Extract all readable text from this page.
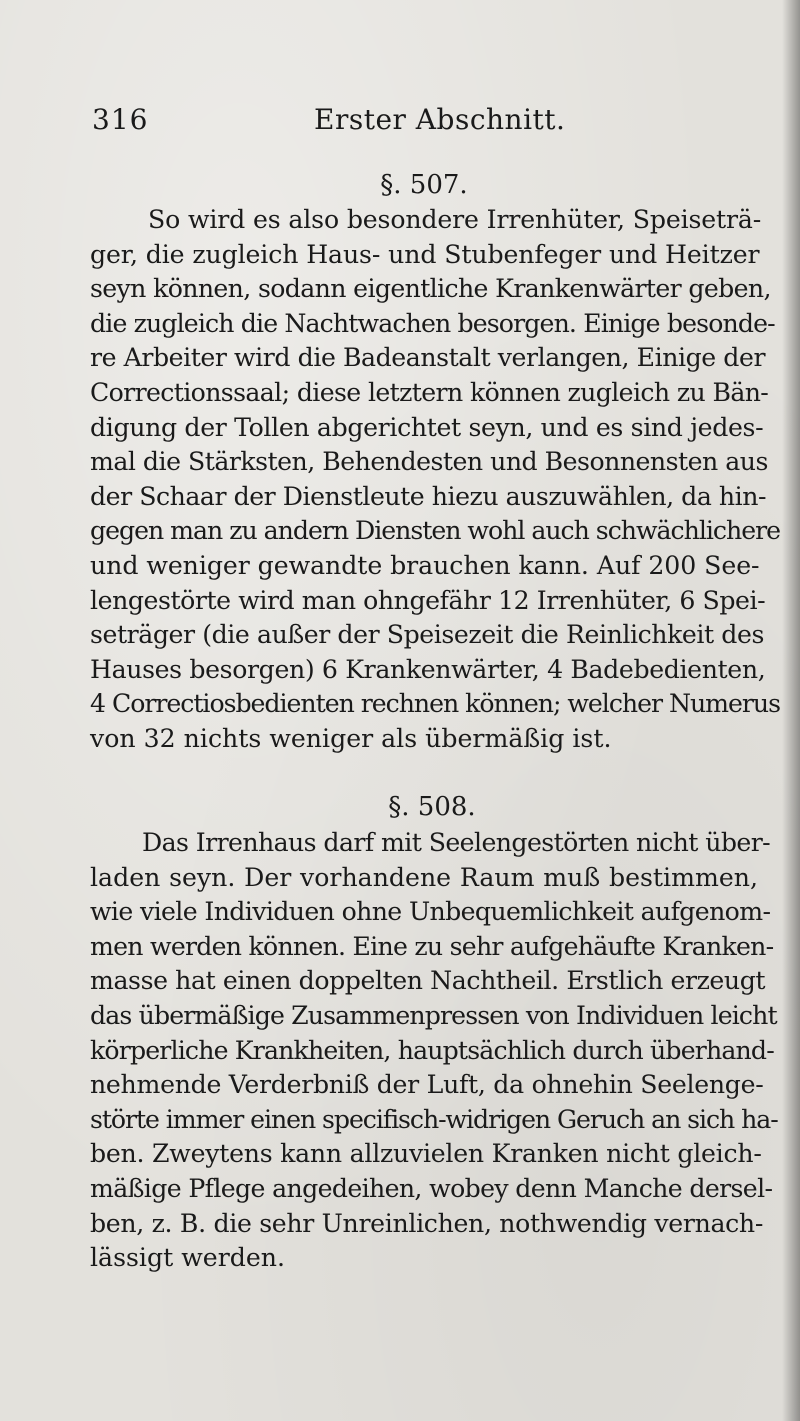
316	Erster Abschnitt.
§. 507.
So wird es also besondere Irrenhüter, Speiseträ-
ger, die zugleich Haus- und Stubenfeger und Heitzer
seyn können, sodann eigentliche Krankenwärter geben,
die zugleich die Nachtwachen besorgen. Einige besonde-
re Arbeiter wird die Badeanstalt verlangen, Einige der
Correctionssaal; diese letztern können zugleich zu Bän-
digung der Tollen abgerichtet seyn, und es sind jedes-
mal die Stärksten, Behendesten und Besonnensten aus
der Schaar der Dienstleute hiezu auszuwählen, da hin-
gegen man zu andern Diensten wohl auch schwächlichere
und weniger gewandte brauchen kann. Auf 200 See-
lengestörte wird man ohngefähr 12 Irrenhüter, 6 Spei-
seträger (die außer der Speisezeit die Reinlichkeit des
Hauses besorgen) 6 Krankenwärter, 4 Badebedienten,
4 Correctiosbedienten rechnen können; welcher Numerus
von 32 nichts weniger als übermäßig ist.
§. 508.
Das Irrenhaus darf mit Seelengestörten nicht über-
laden seyn. Der vorhandene Raum muß bestimmen,
wie viele Individuen ohne Unbequemlichkeit aufgenom-
men werden können. Eine zu sehr aufgehäufte Kranken-
masse hat einen doppelten Nachtheil. Erstlich erzeugt
das übermäßige Zusammenpressen von Individuen leicht
körperliche Krankheiten, hauptsächlich durch überhand-
nehmende Verderbniß der Luft, da ohnehin Seelenge-
störte immer einen specifisch-widrigen Geruch an sich ha-
ben. Zweytens kann allzuvielen Kranken nicht gleich-
mäßige Pflege angedeihen, wobey denn Manche dersel-
ben, z. B. die sehr Unreinlichen, nothwendig vernach-
lässigt werden.
